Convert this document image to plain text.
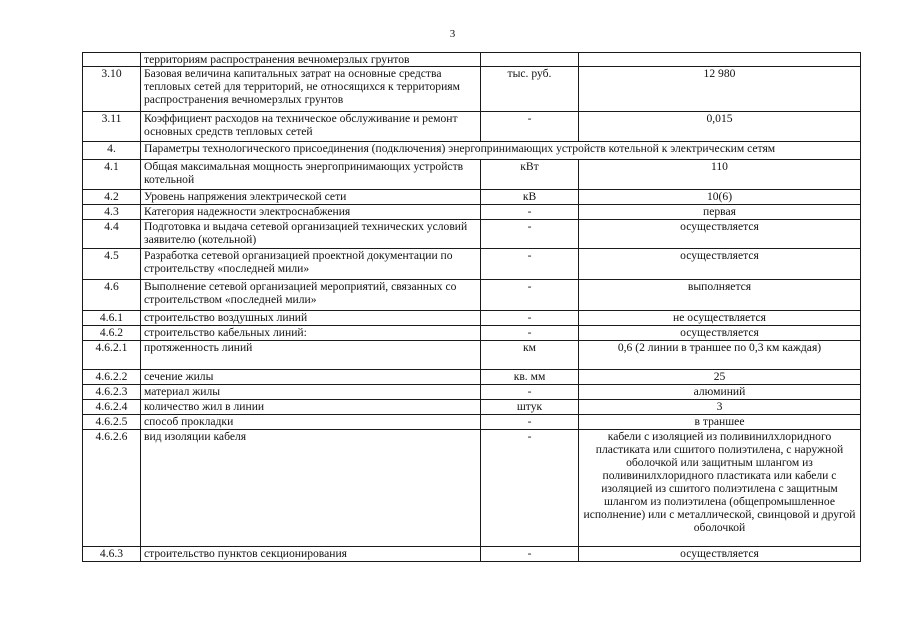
3
	территориям распространения вечномерзлых грунтов		
3.10	Базовая величина капитальных затрат на основные средства тепловых сетей для территорий, не относящихся к территориям распространения вечномерзлых грунтов	тыс. руб.	12 980
3.11	Коэффициент расходов на техническое обслуживание и ремонт основных средств тепловых сетей	-	0,015
4.	Параметры технологического присоединения (подключения) энергопринимающих устройств котельной к электрическим сетям		
4.1	Общая максимальная мощность энергопринимающих устройств котельной	кВт	110
4.2	Уровень напряжения электрической сети	кВ	10(6)
4.3	Категория надежности электроснабжения	-	первая
4.4	Подготовка и выдача сетевой организацией технических условий заявителю (котельной)	-	осуществляется
4.5	Разработка сетевой организацией проектной документации по строительству «последней мили»	-	осуществляется
4.6	Выполнение сетевой организацией мероприятий, связанных со строительством «последней мили»	-	выполняется
4.6.1	строительство воздушных линий	-	не осуществляется
4.6.2	строительство кабельных линий:	-	осуществляется
4.6.2.1	протяженность линий	км	0,6 (2 линии в траншее по 0,3 км каждая)
4.6.2.2	сечение жилы	кв. мм	25
4.6.2.3	материал жилы	-	алюминий
4.6.2.4	количество жил в линии	штук	3
4.6.2.5	способ прокладки	-	в траншее
4.6.2.6	вид изоляции кабеля	-	кабели с изоляцией из поливинилхлоридного пластиката или сшитого полиэтилена, с наружной оболочкой или защитным шлангом из поливинилхлоридного пластиката или кабели с изоляцией из сшитого полиэтилена с защитным шлангом из полиэтилена (общепромышленное исполнение) или с металлической, свинцовой и другой оболочкой
4.6.3	строительство пунктов секционирования	-	осуществляется
